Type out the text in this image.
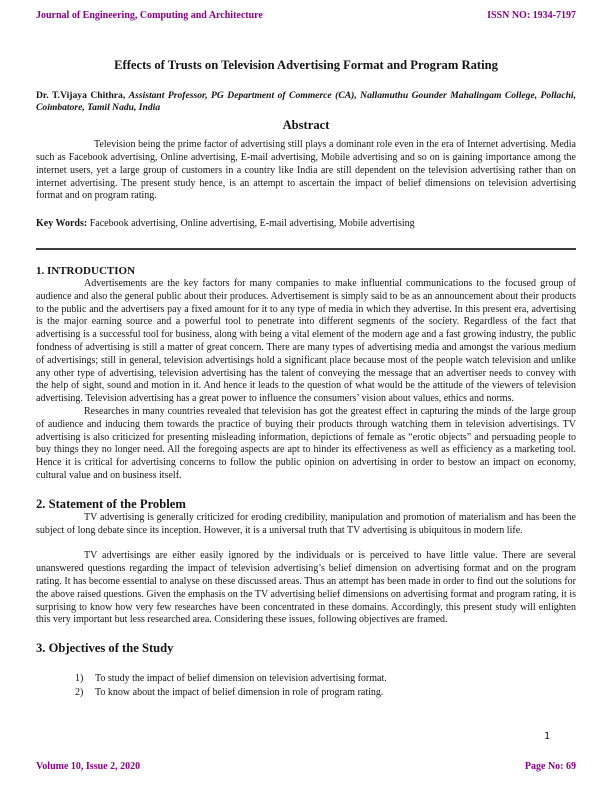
Journal of Engineering, Computing and Architecture	ISSN NO: 1934-7197
Effects of Trusts on Television Advertising Format and Program Rating

Dr. T.Vijaya Chithra, Assistant Professor, PG Department of Commerce (CA), Nallamuthu Gounder Mahalingam College, Pollachi, Coimbatore, Tamil Nadu, India

Abstract

Television being the prime factor of advertising still plays a dominant role even in the era of Internet advertising. Media such as Facebook advertising, Online advertising, E-mail advertising, Mobile advertising and so on is gaining importance among the internet users, yet a large group of customers in a country like India are still dependent on the television advertising rather than on internet advertising. The present study hence, is an attempt to ascertain the impact of belief dimensions on television advertising format and on program rating.

Key Words: Facebook advertising, Online advertising, E-mail advertising, Mobile advertising

1. INTRODUCTION

Advertisements are the key factors for many companies to make influential communications to the focused group of audience and also the general public about their produces. Advertisement is simply said to be as an announcement about their products to the public and the advertisers pay a fixed amount for it to any type of media in which they advertise. In this present era, advertising is the major earning source and a powerful tool to penetrate into different segments of the society. Regardless of the fact that advertising is a successful tool for business, along with being a vital element of the modern age and a fast growing industry, the public fondness of advertising is still a matter of great concern. There are many types of advertising media and amongst the various medium of advertisings; still in general, television advertisings hold a significant place because most of the people watch television and unlike any other type of advertising, television advertising has the talent of conveying the message that an advertiser needs to convey with the help of sight, sound and motion in it. And hence it leads to the question of what would be the attitude of the viewers of television advertising. Television advertising has a great power to influence the consumers’ vision about values, ethics and norms.

Researches in many countries revealed that television has got the greatest effect in capturing the minds of the large group of audience and inducing them towards the practice of buying their products through watching them in television advertisings. TV advertising is also criticized for presenting misleading information, depictions of female as “erotic objects” and persuading people to buy things they no longer need. All the foregoing aspects are apt to hinder its effectiveness as well as efficiency as a marketing tool. Hence it is critical for advertising concerns to follow the public opinion on advertising in order to bestow an impact on economy, cultural value and on business itself.

2. Statement of the Problem

TV advertising is generally criticized for eroding credibility, manipulation and promotion of materialism and has been the subject of long debate since its inception. However, it is a universal truth that TV advertising is ubiquitous in modern life.

TV advertisings are either easily ignored by the individuals or is perceived to have little value. There are several unanswered questions regarding the impact of television advertising’s belief dimension on advertising format and on the program rating. It has become essential to analyse on these discussed areas. Thus an attempt has been made in order to find out the solutions for the above raised questions. Given the emphasis on the TV advertising belief dimensions on advertising format and program rating, it is surprising to know how very few researches have been concentrated in these domains. Accordingly, this present study will enlighten this very important but less researched area. Considering these issues, following objectives are framed.

3. Objectives of the Study
1)	To study the impact of belief dimension on television advertising format.
2)	To know about the impact of belief dimension in role of program rating.
1
Volume 10, Issue 2, 2020	Page No: 69
